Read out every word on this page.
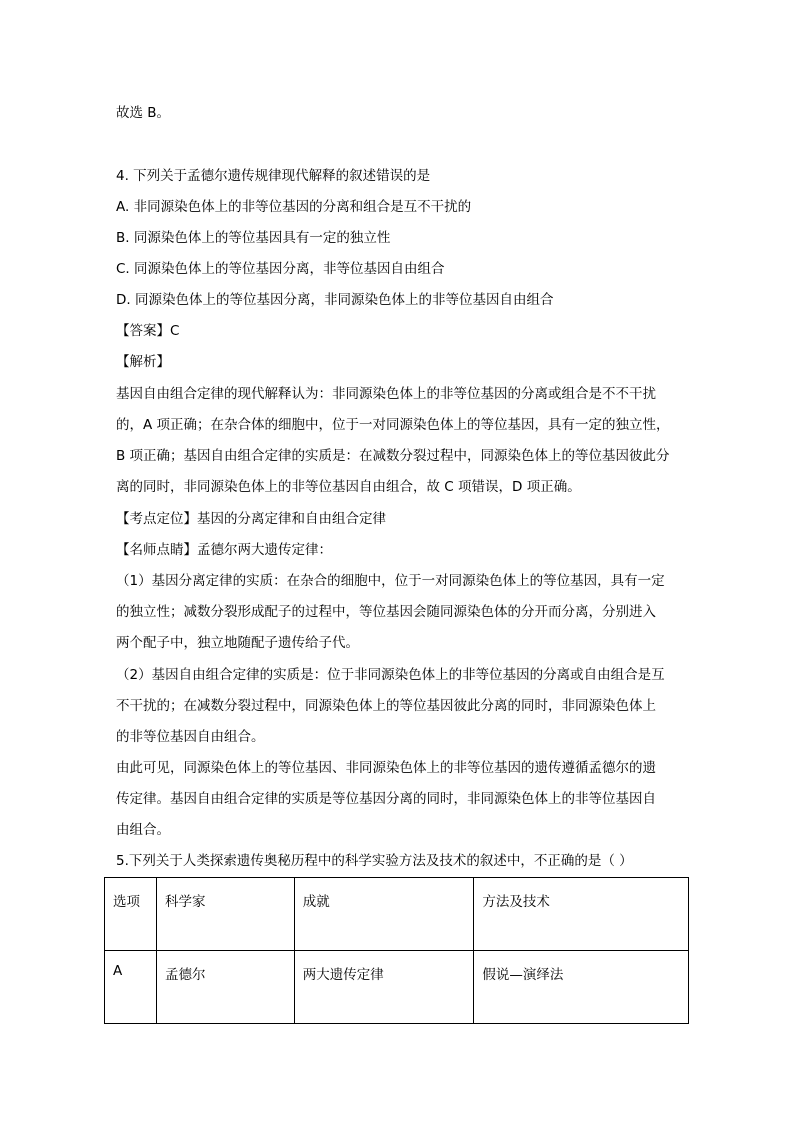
故选 B。
4. 下列关于孟德尔遗传规律现代解释的叙述错误的是
A. 非同源染色体上的非等位基因的分离和组合是互不干扰的
B. 同源染色体上的等位基因具有一定的独立性
C. 同源染色体上的等位基因分离，非等位基因自由组合
D. 同源染色体上的等位基因分离，非同源染色体上的非等位基因自由组合
【答案】C
【解析】
基因自由组合定律的现代解释认为：非同源染色体上的非等位基因的分离或组合是不不干扰
的，A 项正确；在杂合体的细胞中，位于一对同源染色体上的等位基因，具有一定的独立性，
B 项正确；基因自由组合定律的实质是：在减数分裂过程中，同源染色体上的等位基因彼此分
离的同时，非同源染色体上的非等位基因自由组合，故 C 项错误，D 项正确。
【考点定位】基因的分离定律和自由组合定律
【名师点睛】孟德尔两大遗传定律：
（1）基因分离定律的实质：在杂合的细胞中，位于一对同源染色体上的等位基因，具有一定
的独立性；减数分裂形成配子的过程中，等位基因会随同源染色体的分开而分离，分别进入
两个配子中，独立地随配子遗传给子代。
（2）基因自由组合定律的实质是：位于非同源染色体上的非等位基因的分离或自由组合是互
不干扰的；在减数分裂过程中，同源染色体上的等位基因彼此分离的同时，非同源染色体上
的非等位基因自由组合。
由此可见，同源染色体上的等位基因、非同源染色体上的非等位基因的遗传遵循孟德尔的遗
传定律。基因自由组合定律的实质是等位基因分离的同时，非同源染色体上的非等位基因自
由组合。
5.下列关于人类探索遗传奥秘历程中的科学实验方法及技术的叙述中，不正确的是（ ）
选项	科学家	成就	方法及技术
A	孟德尔	两大遗传定律	假说—演绎法
